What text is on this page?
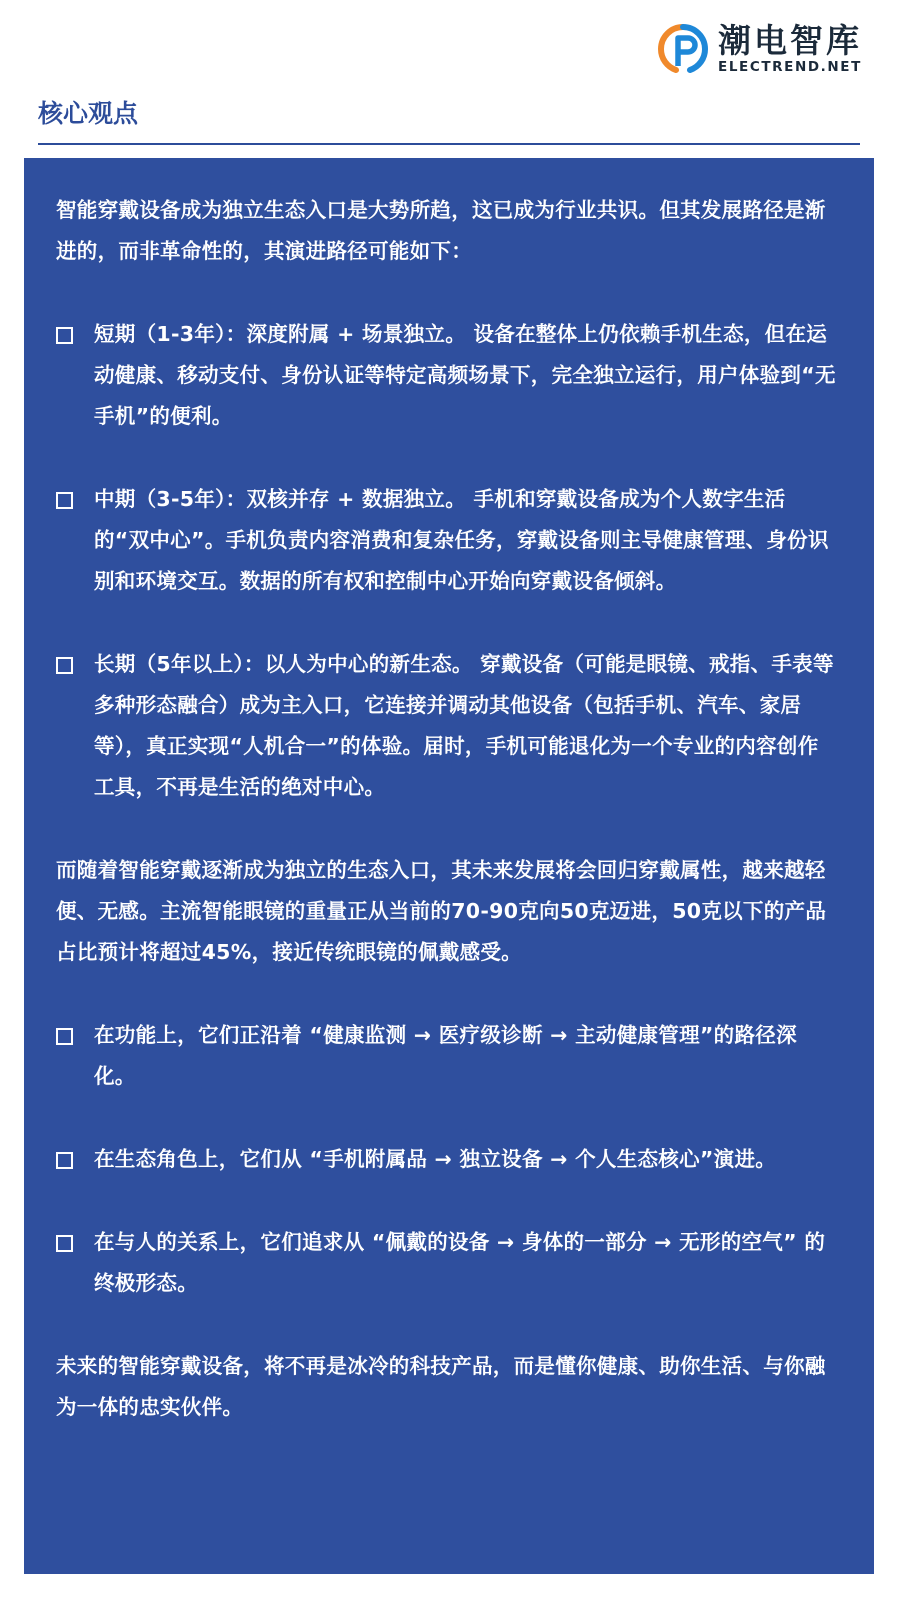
潮电智库
ELECTREND.NET
核心观点

智能穿戴设备成为独立生态入口是大势所趋，这已成为行业共识。但其发展路径是渐进的，而非革命性的，其演进路径可能如下：

短期（1-3年）：深度附属 + 场景独立。 设备在整体上仍依赖手机生态，但在运动健康、移动支付、身份认证等特定高频场景下，完全独立运行，用户体验到“无手机”的便利。

中期（3-5年）：双核并存 + 数据独立。 手机和穿戴设备成为个人数字生活的“双中心”。手机负责内容消费和复杂任务，穿戴设备则主导健康管理、身份识别和环境交互。数据的所有权和控制中心开始向穿戴设备倾斜。

长期（5年以上）：以人为中心的新生态。 穿戴设备（可能是眼镜、戒指、手表等多种形态融合）成为主入口，它连接并调动其他设备（包括手机、汽车、家居等），真正实现“人机合一”的体验。届时，手机可能退化为一个专业的内容创作工具，不再是生活的绝对中心。

而随着智能穿戴逐渐成为独立的生态入口，其未来发展将会回归穿戴属性，越来越轻便、无感。主流智能眼镜的重量正从当前的70-90克向50克迈进，50克以下的产品占比预计将超过45%，接近传统眼镜的佩戴感受。

在功能上，它们正沿着 “健康监测 → 医疗级诊断 → 主动健康管理”的路径深化。

在生态角色上，它们从 “手机附属品 → 独立设备 → 个人生态核心”演进。

在与人的关系上，它们追求从 “佩戴的设备 → 身体的一部分 → 无形的空气” 的终极形态。

未来的智能穿戴设备，将不再是冰冷的科技产品，而是懂你健康、助你生活、与你融为一体的忠实伙伴。
